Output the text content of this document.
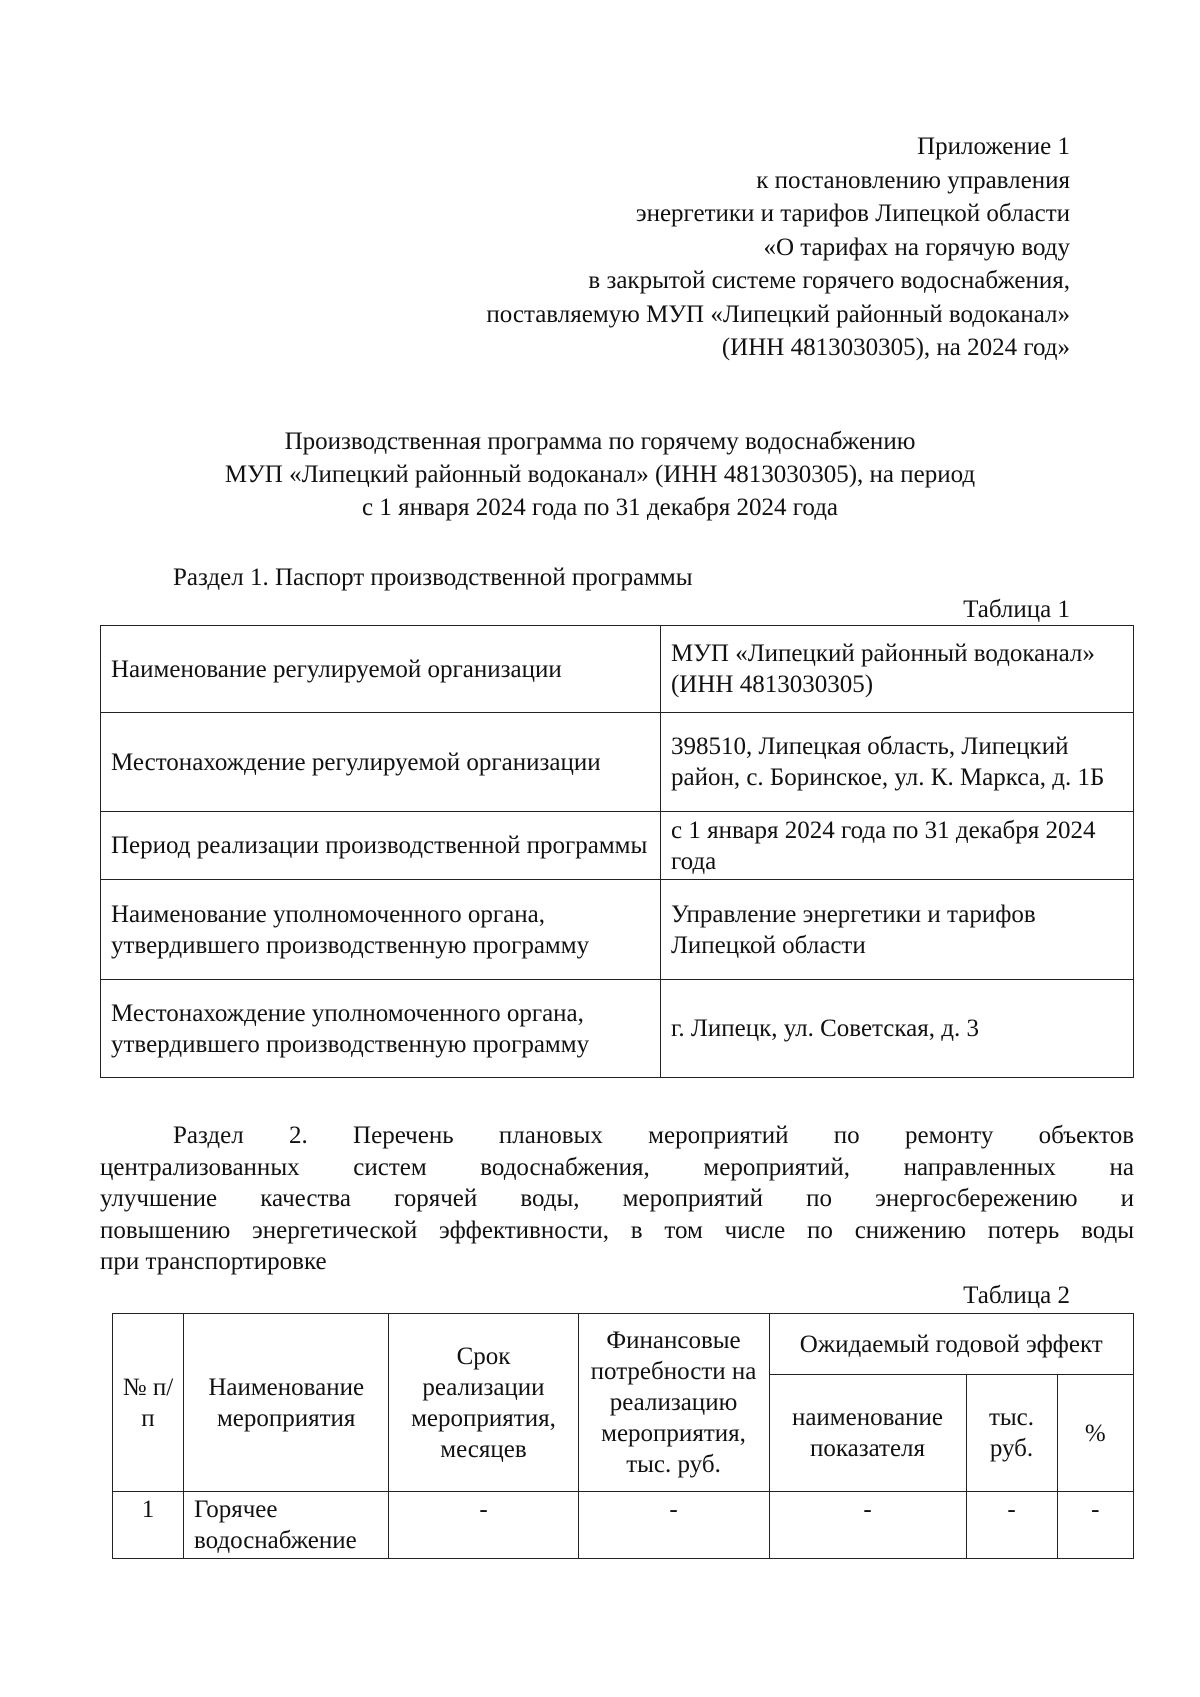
Приложение 1
к постановлению управления
энергетики и тарифов Липецкой области
«О тарифах на горячую воду
в закрытой системе горячего водоснабжения,
поставляемую МУП «Липецкий районный водоканал»
(ИНН 4813030305), на 2024 год»
Производственная программа по горячему водоснабжению
МУП «Липецкий районный водоканал» (ИНН 4813030305), на период
с 1 января 2024 года по 31 декабря 2024 года
Раздел 1. Паспорт производственной программы
Таблица 1
Наименование регулируемой организации	МУП «Липецкий районный водоканал» (ИНН 4813030305)
Местонахождение регулируемой организации	398510, Липецкая область, Липецкий район, с. Боринское, ул. К. Маркса, д. 1Б
Период реализации производственной программы	с 1 января 2024 года по 31 декабря 2024 года
Наименование уполномоченного органа, утвердившего производственную программу	Управление энергетики и тарифов Липецкой области
Местонахождение уполномоченного органа, утвердившего производственную программу	г. Липецк, ул. Советская, д. 3
Раздел 2. Перечень плановых мероприятий по ремонту объектов
централизованных систем водоснабжения, мероприятий, направленных на
улучшение качества горячей воды, мероприятий по энергосбережению и
повышению энергетической эффективности, в том числе по снижению потерь воды
при транспортировке
Таблица 2
№ п/п	Наименование мероприятия	Срок реализации мероприятия, месяцев	Финансовые потребности на реализацию мероприятия, тыс. руб.	Ожидаемый годовой эффект		
				наименование показателя	тыс. руб.	%
1	Горячее водоснабжение	-	-	-	-	-
